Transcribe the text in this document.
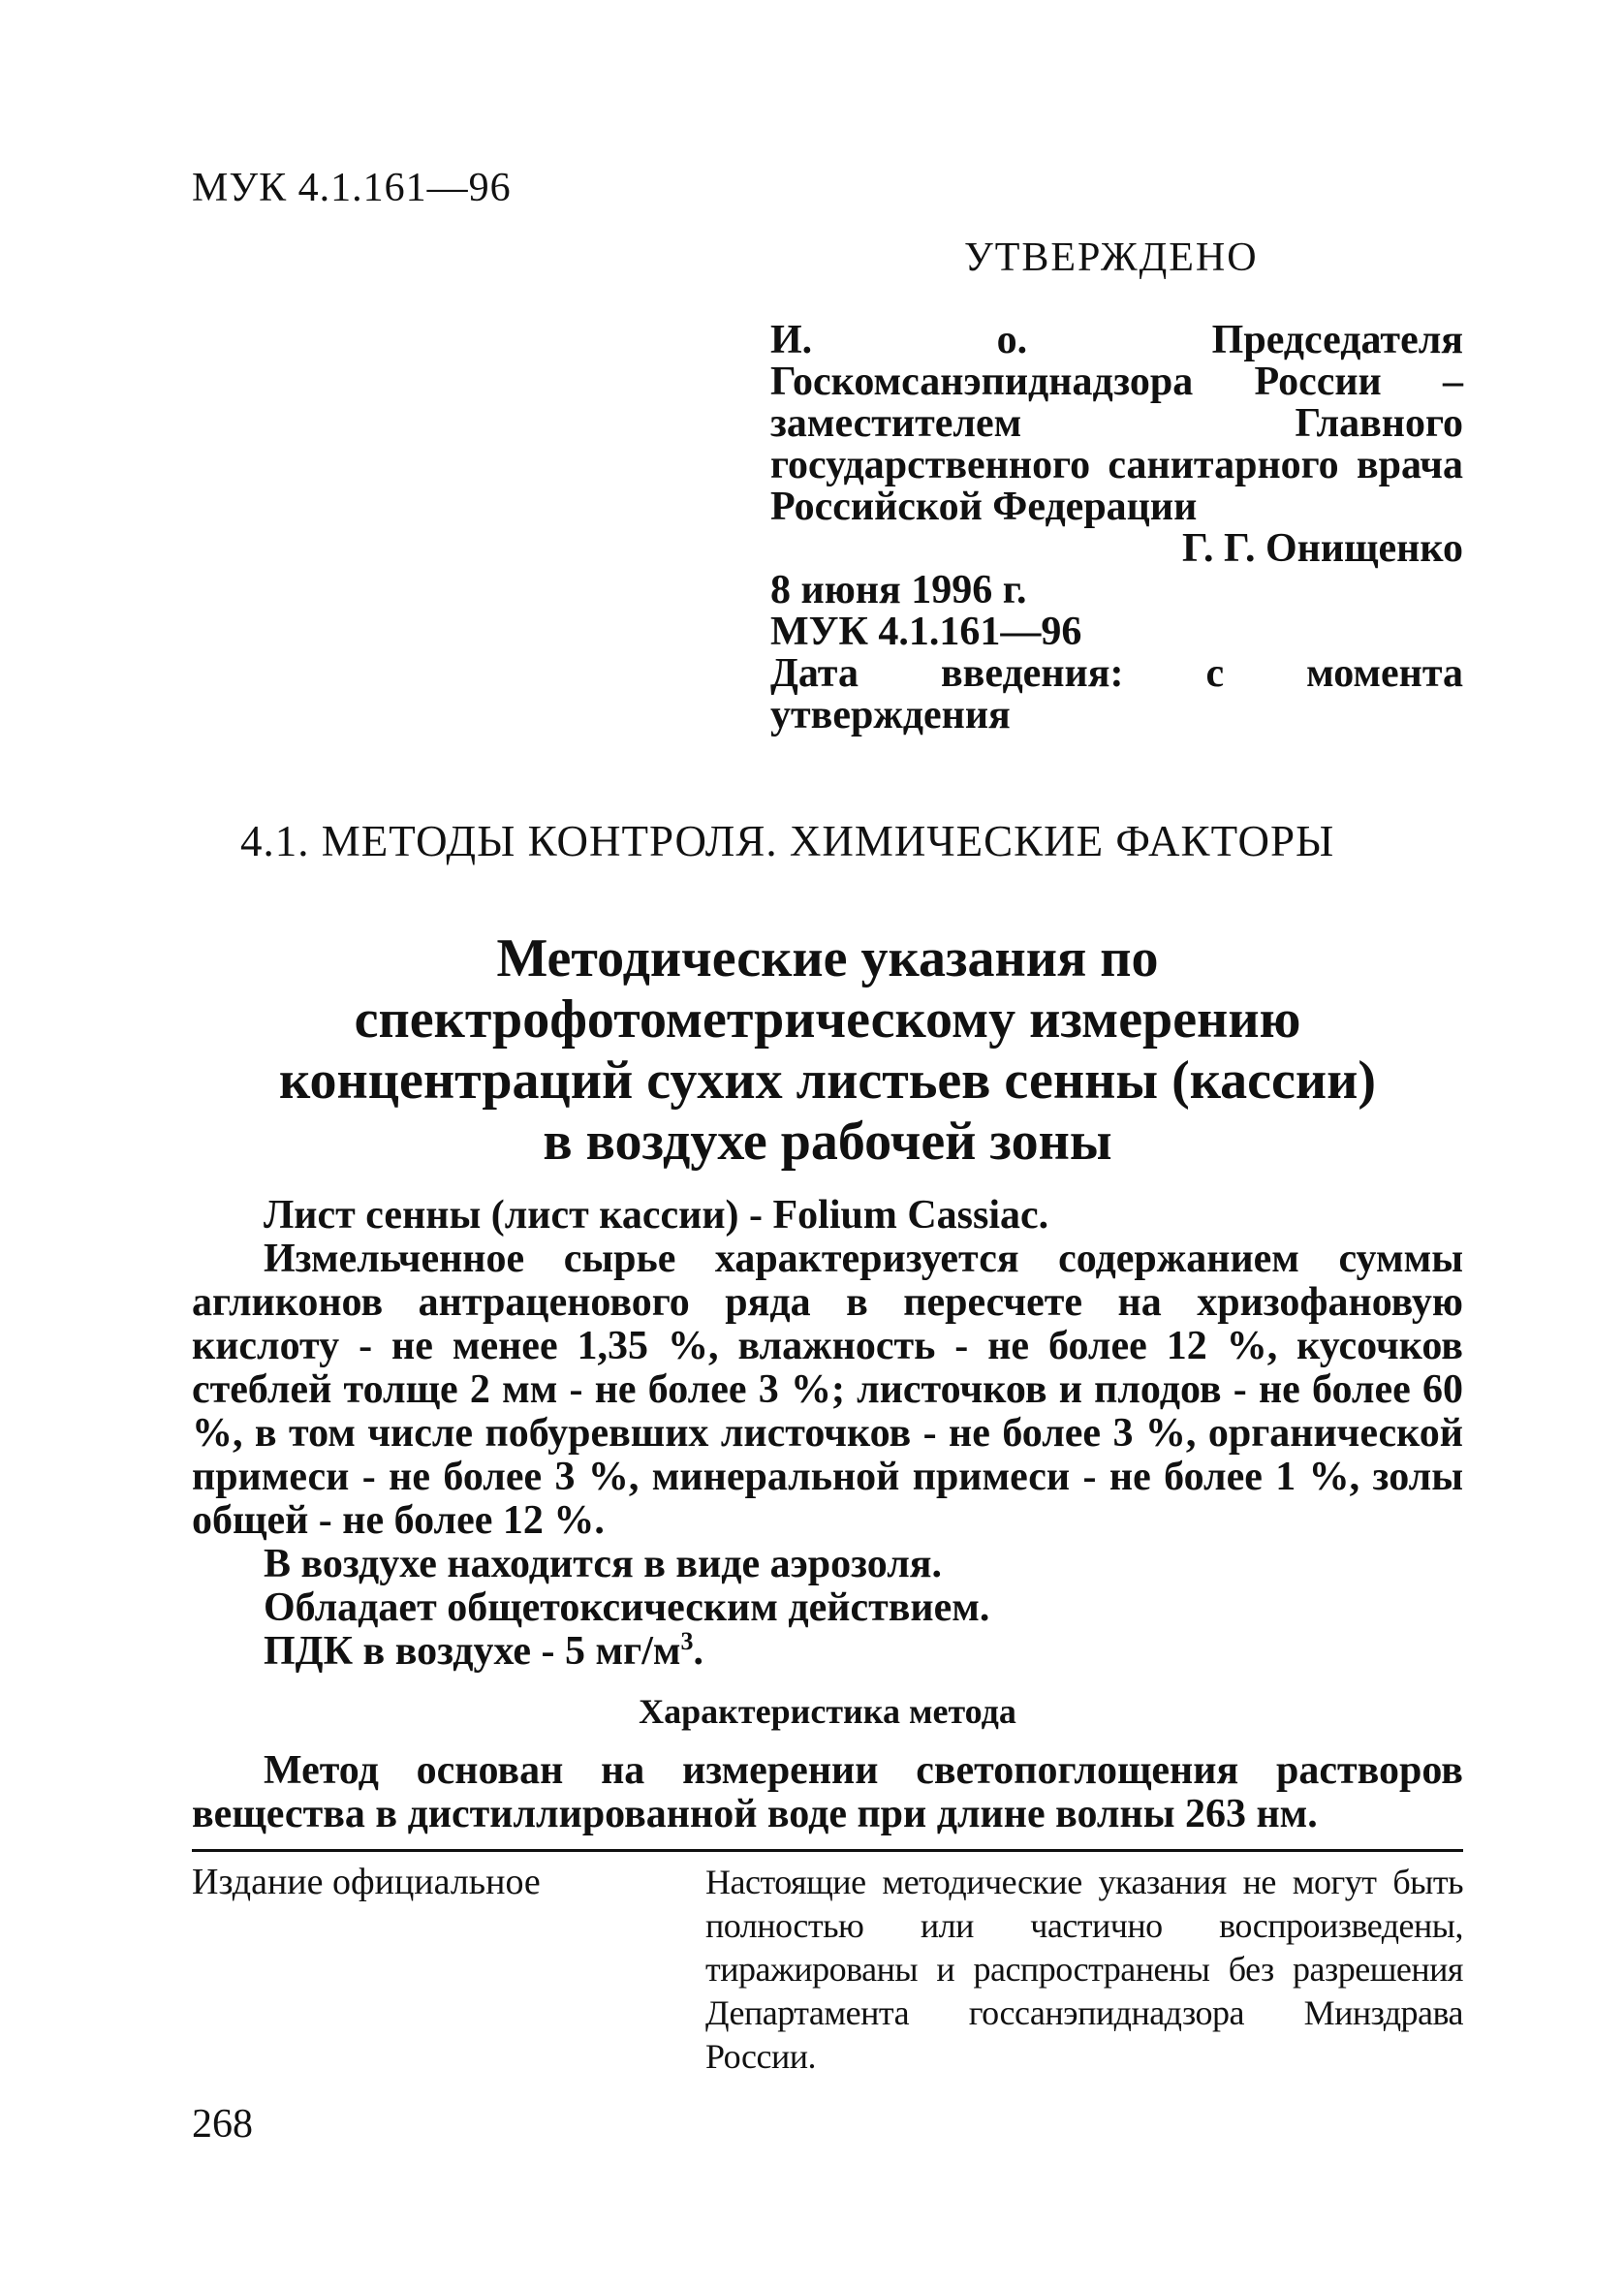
МУК 4.1.161—96
УТВЕРЖДЕНО
И. о. Председателя Госкомсанэпиднадзора России – заместителем Главного государственного санитарного врача Российской Федерации
Г. Г. Онищенко
8 июня 1996 г.
МУК 4.1.161—96
Дата введения: с момента утверждения
4.1. МЕТОДЫ КОНТРОЛЯ. ХИМИЧЕСКИЕ ФАКТОРЫ
Методические указания по
спектрофотометрическому измерению
концентраций сухих листьев сенны (кассии)
в воздухе рабочей зоны

Лист сенны (лист кассии) - Folium Cassiac.

Измельченное сырье характеризуется содержанием суммы агликонов антраценового ряда в пересчете на хризофановую кислоту - не менее 1,35 %, влажность - не более 12 %, кусочков стеблей толще 2 мм - не более 3 %; листочков и плодов - не более 60 %, в том числе побуревших листочков - не более 3 %, органической примеси - не более 3 %, минеральной примеси - не более 1 %, золы общей - не более 12 %.

В воздухе находится в виде аэрозоля.

Обладает общетоксическим действием.

ПДК в воздухе - 5 $мг/м^3$.

Характеристика метода

Метод основан на измерении светопоглощения растворов вещества в дистиллированной воде при длине волны 263 нм.

Издание официальное	Настоящие методические указания не могут быть полностью или частично воспроизведены, тиражированы и распространены без разрешения Департамента госсанэпиднадзора Минздрава России.
268
